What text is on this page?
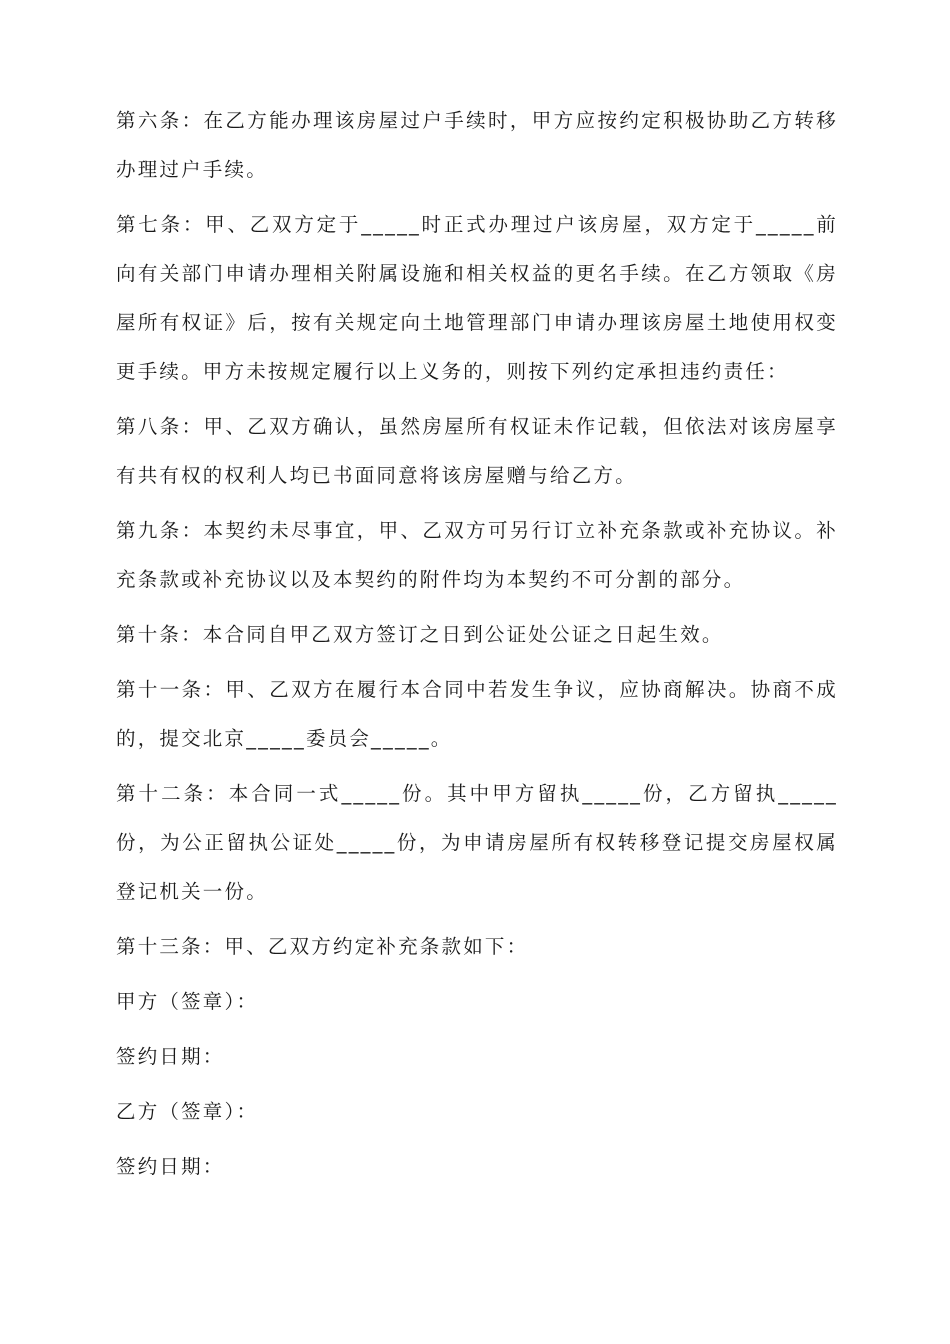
第六条：在乙方能办理该房屋过户手续时，甲方应按约定积极协助乙方转移办理过户手续。

第七条：甲、乙双方定于_____时正式办理过户该房屋，双方定于_____前向有关部门申请办理相关附属设施和相关权益的更名手续。在乙方领取《房屋所有权证》后，按有关规定向土地管理部门申请办理该房屋土地使用权变更手续。甲方未按规定履行以上义务的，则按下列约定承担违约责任：

第八条：甲、乙双方确认，虽然房屋所有权证未作记载，但依法对该房屋享有共有权的权利人均已书面同意将该房屋赠与给乙方。

第九条：本契约未尽事宜，甲、乙双方可另行订立补充条款或补充协议。补充条款或补充协议以及本契约的附件均为本契约不可分割的部分。

第十条：本合同自甲乙双方签订之日到公证处公证之日起生效。

第十一条：甲、乙双方在履行本合同中若发生争议，应协商解决。协商不成的，提交北京_____委员会_____。

第十二条：本合同一式_____份。其中甲方留执_____份，乙方留执_____份，为公正留执公证处_____份，为申请房屋所有权转移登记提交房屋权属登记机关一份。

第十三条：甲、乙双方约定补充条款如下：

甲方（签章）：

签约日期：

乙方（签章）：

签约日期：
